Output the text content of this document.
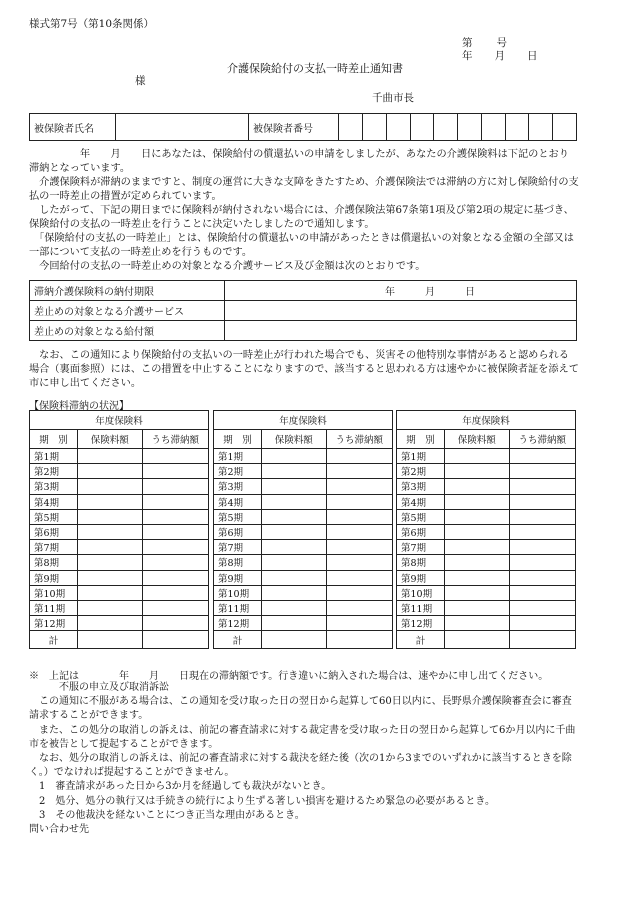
様式第7号（第10条関係）
第 号
年 月 日
介護保険給付の支払一時差止通知書
様
千曲市長
被保険者氏名		被保険者番号										

　　　　　年　　月　　日にあなたは、保険給付の償還払いの申請をしましたが、あなたの介護保険料は下記のとおり滞納となっています。

　介護保険料が滞納のままですと、制度の運営に大きな支障をきたすため、介護保険法では滞納の方に対し保険給付の支払の一時差止の措置が定められています。

　したがって、下記の期日までに保険料が納付されない場合には、介護保険法第67条第1項及び第2項の規定に基づき、保険給付の支払の一時差止を行うことに決定いたしましたので通知します。

　「保険給付の支払の一時差止」とは、保険給付の償還払いの申請があったときは償還払いの対象となる金額の全部又は一部について支払の一時差止めを行うものです。

　今回給付の支払の一時差止めの対象となる介護サービス及び金額は次のとおりです。

滞納介護保険料の納付期限	年　　　月　　　日
差止めの対象となる介護サービス	
差止めの対象となる給付額	

　なお、この通知により保険給付の支払いの一時差止が行われた場合でも、災害その他特別な事情があると認められる場合（裏面参照）には、この措置を中止することになりますので、該当すると思われる方は速やかに被保険者証を添えて市に申し出てください。

【保険料滞納の状況】
年度保険料		
期　別	保険料額	うち滞納額
第1期		
第2期		
第3期		
第4期		
第5期		
第6期		
第7期		
第8期		
第9期		
第10期		
第11期		
第12期		
計		
年度保険料		
期　別	保険料額	うち滞納額
第1期		
第2期		
第3期		
第4期		
第5期		
第6期		
第7期		
第8期		
第9期		
第10期		
第11期		
第12期		
計		
年度保険料		
期　別	保険料額	うち滞納額
第1期		
第2期		
第3期		
第4期		
第5期		
第6期		
第7期		
第8期		
第9期		
第10期		
第11期		
第12期		
計		
※　上記は　　　　年　　月　　日現在の滞納額です。行き違いに納入された場合は、速やかに申し出てください。

　　　不服の申立及び取消訴訟

　この通知に不服がある場合は、この通知を受け取った日の翌日から起算して60日以内に、長野県介護保険審査会に審査請求することができます。

　また、この処分の取消しの訴えは、前記の審査請求に対する裁定書を受け取った日の翌日から起算して6か月以内に千曲市を被告として提起することができます。

　なお、処分の取消しの訴えは、前記の審査請求に対する裁決を経た後（次の1から3までのいずれかに該当するときを除く。）でなければ提起することができません。

　1　審査請求があった日から3か月を経過しても裁決がないとき。

　2　処分、処分の執行又は手続きの続行により生ずる著しい損害を避けるため緊急の必要があるとき。

　3　その他裁決を経ないことにつき正当な理由があるとき。

問い合わせ先
